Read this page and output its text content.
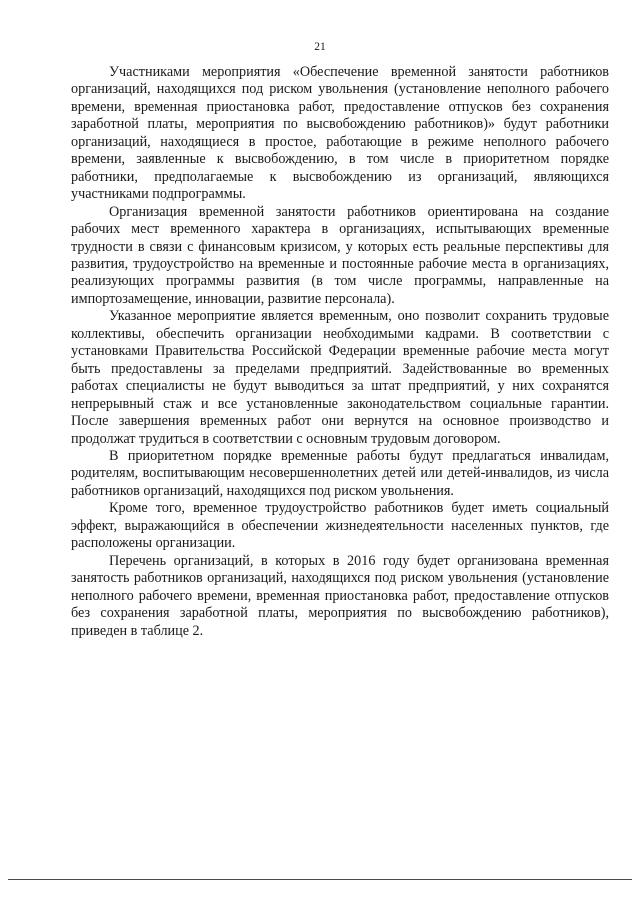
21

Участниками мероприятия «Обеспечение временной занятости работников организаций, находящихся под риском увольнения (установление неполного рабочего времени, временная приостановка работ, предоставление отпусков без сохранения заработной платы, мероприятия по высвобождению работников)» будут работники организаций, находящиеся в простое, работающие в режиме неполного рабочего времени, заявленные к высвобождению, в том числе в приоритетном порядке работники, предполагаемые к высвобождению из организаций, являющихся участниками подпрограммы.

Организация временной занятости работников ориентирована на создание рабочих мест временного характера в организациях, испытывающих временные трудности в связи с финансовым кризисом, у которых есть реальные перспективы для развития, трудоустройство на временные и постоянные рабочие места в организациях, реализующих программы развития (в том числе программы, направленные на импортозамещение, инновации, развитие персонала).

Указанное мероприятие является временным, оно позволит сохранить трудовые коллективы, обеспечить организации необходимыми кадрами. В соответствии с установками Правительства Российской Федерации временные рабочие места могут быть предоставлены за пределами предприятий. Задействованные во временных работах специалисты не будут выводиться за штат предприятий, у них сохранятся непрерывный стаж и все установленные законодательством социальные гарантии. После завершения временных работ они вернутся на основное производство и продолжат трудиться в соответствии с основным трудовым договором.

В приоритетном порядке временные работы будут предлагаться инвалидам, родителям, воспитывающим несовершеннолетних детей или детей-инвалидов, из числа работников организаций, находящихся под риском увольнения.

Кроме того, временное трудоустройство работников будет иметь социальный эффект, выражающийся в обеспечении жизнедеятельности населенных пунктов, где расположены организации.

Перечень организаций, в которых в 2016 году будет организована временная занятость работников организаций, находящихся под риском увольнения (установление неполного рабочего времени, временная приостановка работ, предоставление отпусков без сохранения заработной платы, мероприятия по высвобождению работников), приведен в таблице 2.
